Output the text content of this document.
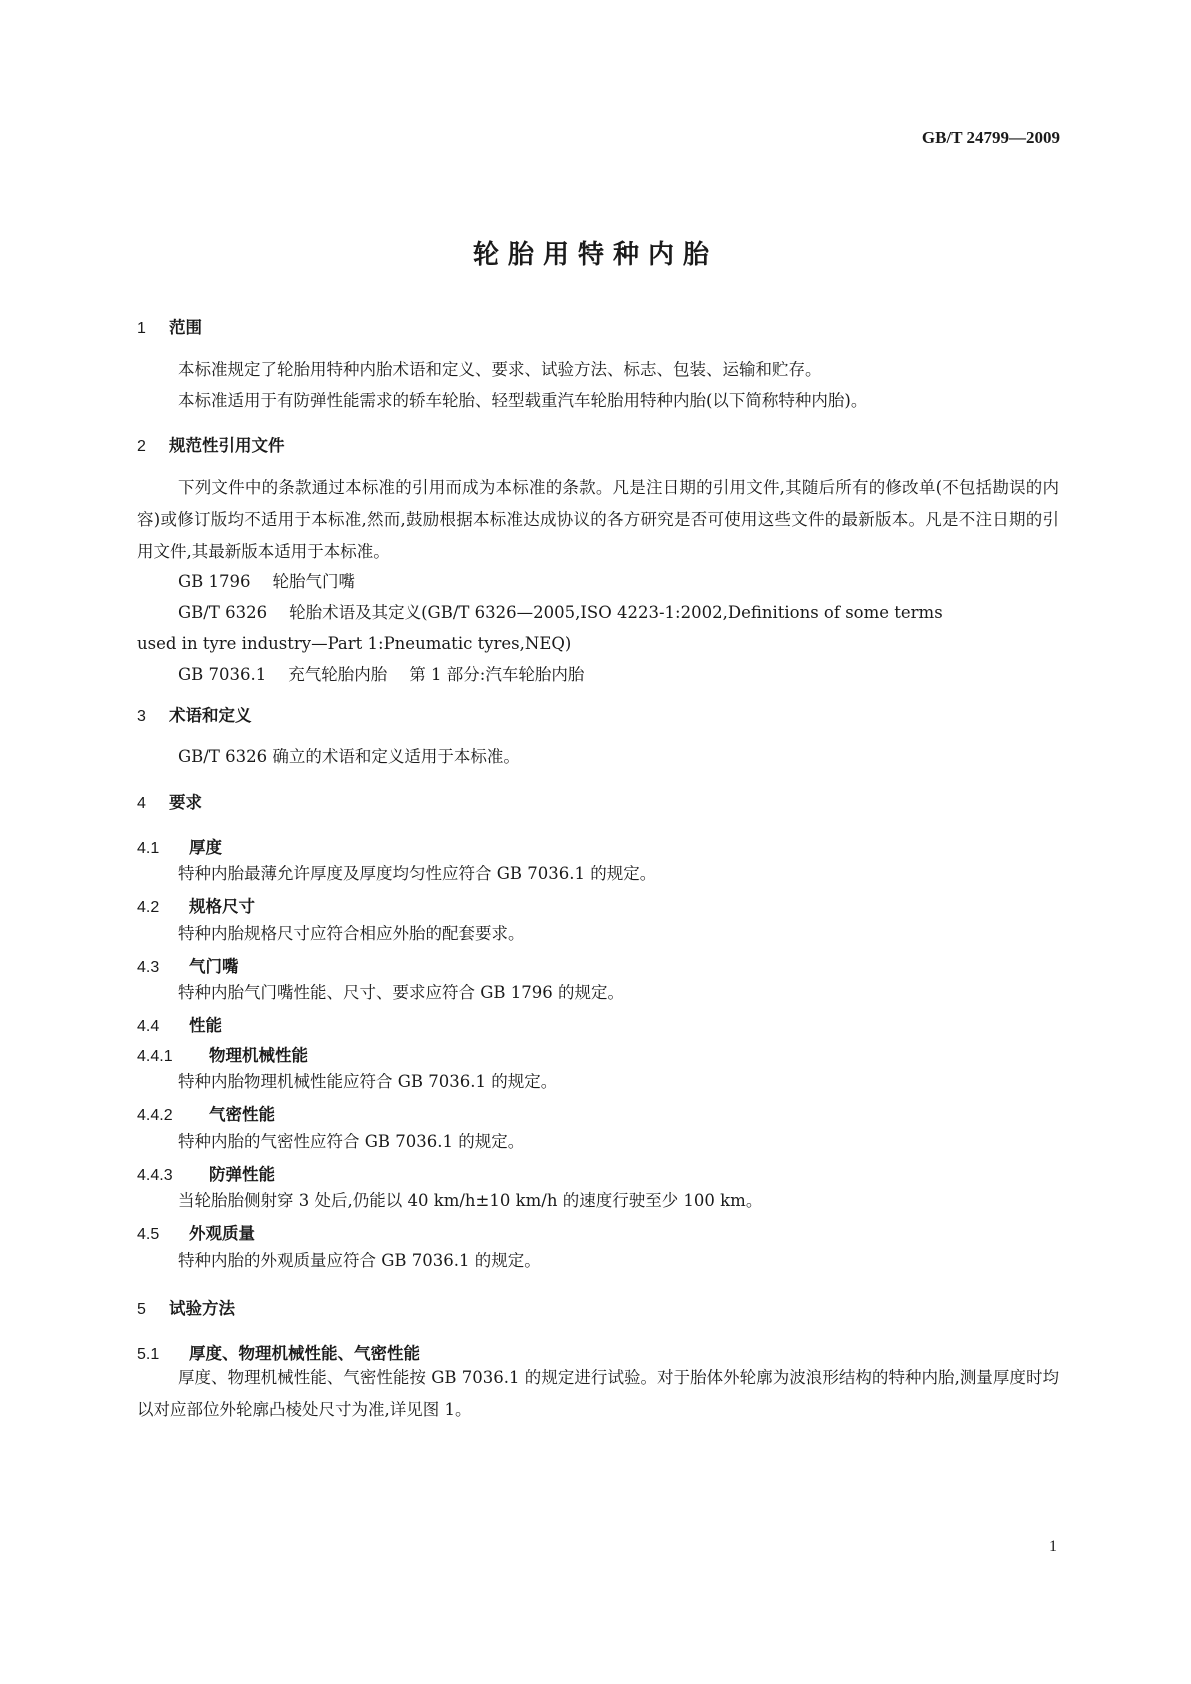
GB/T 24799—2009
轮胎用特种内胎
1 范围
本标准规定了轮胎用特种内胎术语和定义、要求、试验方法、标志、包装、运输和贮存。
本标准适用于有防弹性能需求的轿车轮胎、轻型载重汽车轮胎用特种内胎(以下简称特种内胎)。
2 规范性引用文件
下列文件中的条款通过本标准的引用而成为本标准的条款。凡是注日期的引用文件,其随后所有的修改单(不包括勘误的内容)或修订版均不适用于本标准,然而,鼓励根据本标准达成协议的各方研究是否可使用这些文件的最新版本。凡是不注日期的引用文件,其最新版本适用于本标准。
GB 1796 轮胎气门嘴
GB/T 6326 轮胎术语及其定义(GB/T 6326—2005,ISO 4223-1:2002,Definitions of some terms
used in tyre industry—Part 1:Pneumatic tyres,NEQ)
GB 7036.1 充气轮胎内胎 第 1 部分:汽车轮胎内胎
3 术语和定义
GB/T 6326 确立的术语和定义适用于本标准。
4 要求
4.1 厚度
特种内胎最薄允许厚度及厚度均匀性应符合 GB 7036.1 的规定。
4.2 规格尺寸
特种内胎规格尺寸应符合相应外胎的配套要求。
4.3 气门嘴
特种内胎气门嘴性能、尺寸、要求应符合 GB 1796 的规定。
4.4 性能
4.4.1 物理机械性能
特种内胎物理机械性能应符合 GB 7036.1 的规定。
4.4.2 气密性能
特种内胎的气密性应符合 GB 7036.1 的规定。
4.4.3 防弹性能
当轮胎胎侧射穿 3 处后,仍能以 40 km/h±10 km/h 的速度行驶至少 100 km。
4.5 外观质量
特种内胎的外观质量应符合 GB 7036.1 的规定。
5 试验方法
5.1 厚度、物理机械性能、气密性能
厚度、物理机械性能、气密性能按 GB 7036.1 的规定进行试验。对于胎体外轮廓为波浪形结构的特种内胎,测量厚度时均以对应部位外轮廓凸棱处尺寸为准,详见图 1。
1
